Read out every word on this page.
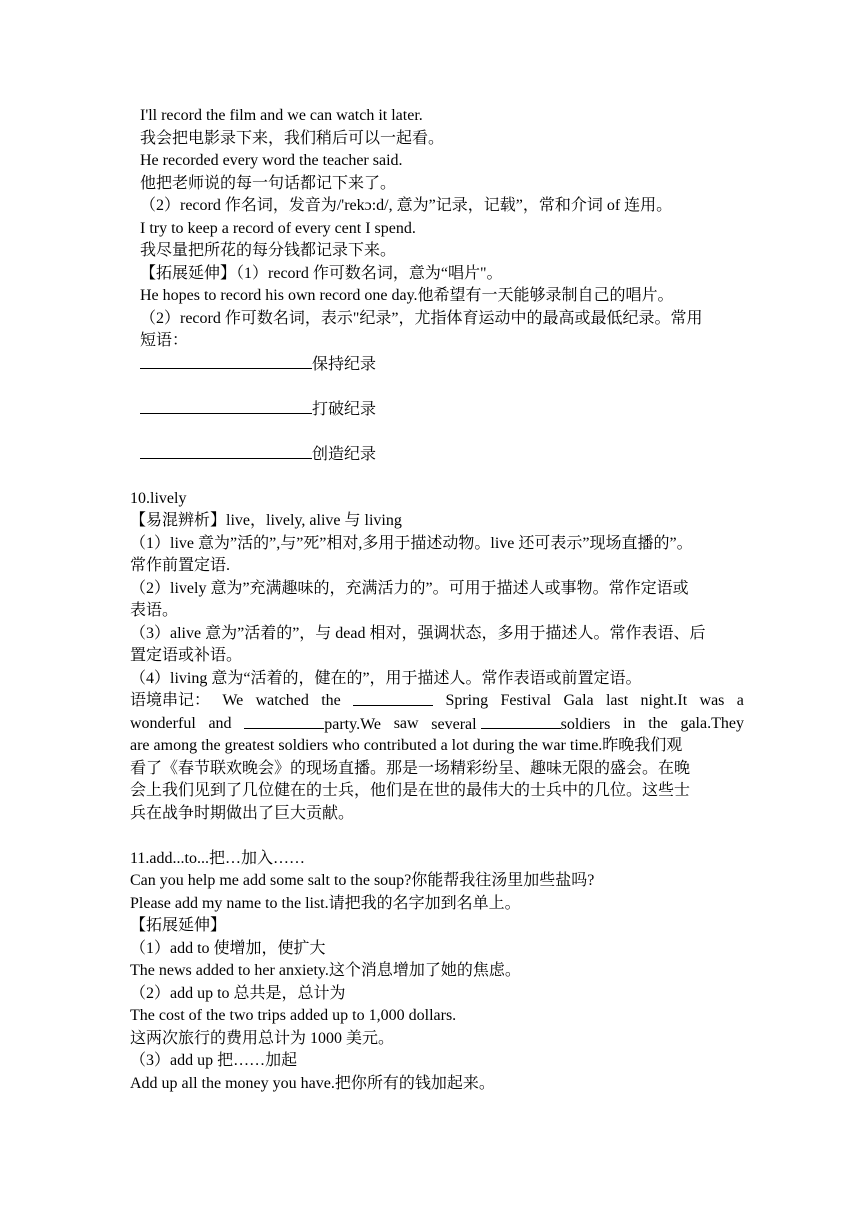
I'll record the film and we can watch it later.
我会把电影录下来，我们稍后可以一起看。
He recorded every word the teacher said.
他把老师说的每一句话都记下来了。
（2）record 作名词，发音为/'rekɔ:d/, 意为”记录，记载”，常和介词 of 连用。
I try to keep a record of every cent I spend.
我尽量把所花的每分钱都记录下来。
【拓展延伸】（1）record 作可数名词，意为“唱片"。
He hopes to record his own record one day.他希望有一天能够录制自己的唱片。
（2）record 作可数名词，表示"纪录”，尤指体育运动中的最高或最低纪录。常用
短语：
保持纪录
打破纪录
创造纪录
10.lively
【易混辨析】live，lively, alive 与 living
（1）live 意为”活的”,与”死”相对,多用于描述动物。live 还可表示”现场直播的”。
常作前置定语.
（2）lively 意为”充满趣味的，充满活力的”。可用于描述人或事物。常作定语或
表语。
（3）alive 意为”活着的”，与 dead 相对，强调状态，多用于描述人。常作表语、后
置定语或补语。
（4）living 意为“活着的，健在的”，用于描述人。常作表语或前置定语。
语境串记： We watched the	Spring Festival Gala last night.It was a
wonderful and	party.We saw several	soldiers in the gala.They
are among the greatest soldiers who contributed a lot during the war time.昨晚我们观
看了《春节联欢晚会》的现场直播。那是一场精彩纷呈、趣味无限的盛会。在晚
会上我们见到了几位健在的士兵，他们是在世的最伟大的士兵中的几位。这些士
兵在战争时期做出了巨大贡献。
11.add...to...把…加入……
Can you help me add some salt to the soup?你能帮我往汤里加些盐吗?
Please add my name to the list.请把我的名字加到名单上。
【拓展延伸】
（1）add to 使增加，使扩大
The news added to her anxiety.这个消息增加了她的焦虑。
（2）add up to 总共是，总计为
The cost of the two trips added up to 1,000 dollars.
这两次旅行的费用总计为 1000 美元。
（3）add up 把……加起
Add up all the money you have.把你所有的钱加起来。
